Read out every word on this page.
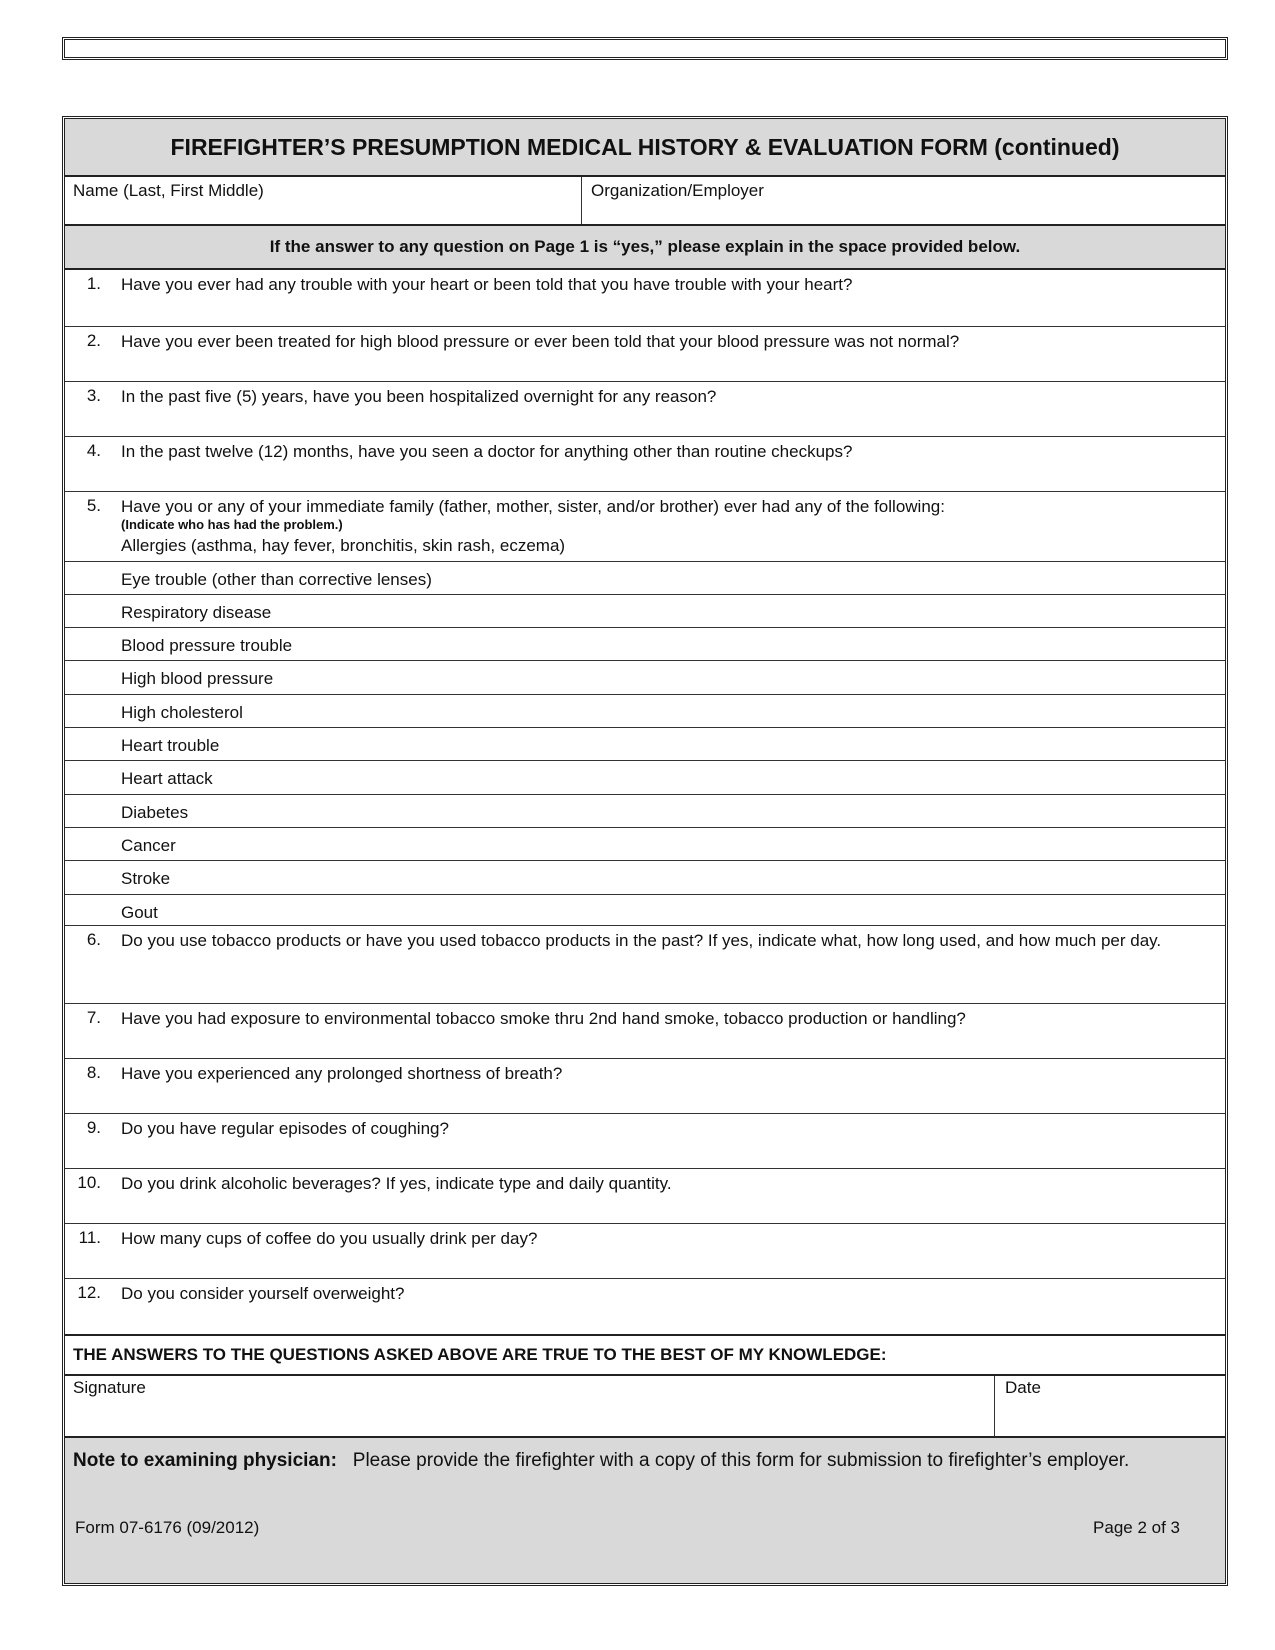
FIREFIGHTER’S PRESUMPTION MEDICAL HISTORY & EVALUATION FORM (continued)
Name (Last, First Middle)	Organization/Employer
If the answer to any question on Page 1 is “yes,” please explain in the space provided below.
1. Have you ever had any trouble with your heart or been told that you have trouble with your heart?
2. Have you ever been treated for high blood pressure or ever been told that your blood pressure was not normal?
3. In the past five (5) years, have you been hospitalized overnight for any reason?
4. In the past twelve (12) months, have you seen a doctor for anything other than routine checkups?
5. Have you or any of your immediate family (father, mother, sister, and/or brother) ever had any of the following:
(Indicate who has had the problem.)
Allergies (asthma, hay fever, bronchitis, skin rash, eczema)
Eye trouble (other than corrective lenses)
Respiratory disease
Blood pressure trouble
High blood pressure
High cholesterol
Heart trouble
Heart attack
Diabetes
Cancer
Stroke
Gout
6. Do you use tobacco products or have you used tobacco products in the past? If yes, indicate what, how long used, and how much per day.
7. Have you had exposure to environmental tobacco smoke thru 2nd hand smoke, tobacco production or handling?
8. Have you experienced any prolonged shortness of breath?
9. Do you have regular episodes of coughing?
10. Do you drink alcoholic beverages? If yes, indicate type and daily quantity.
11. How many cups of coffee do you usually drink per day?
12. Do you consider yourself overweight?
THE ANSWERS TO THE QUESTIONS ASKED ABOVE ARE TRUE TO THE BEST OF MY KNOWLEDGE:
Signature	Date
Note to examining physician: Please provide the firefighter with a copy of this form for submission to firefighter’s employer.
Form 07-6176 (09/2012)	Page 2 of 3
